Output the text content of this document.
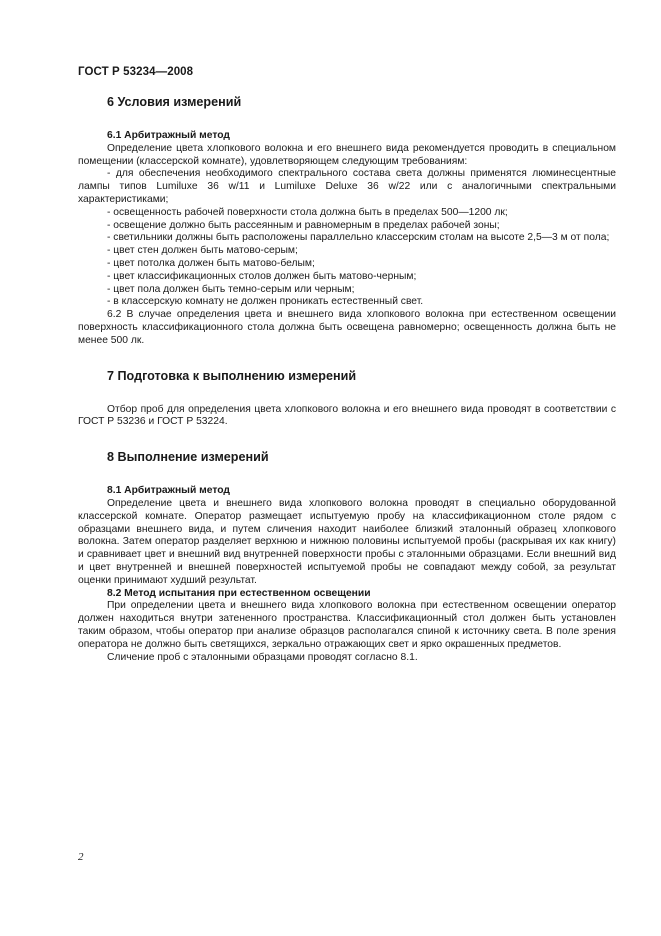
ГОСТ Р 53234—2008

6 Условия измерений

6.1 Арбитражный метод

Определение цвета хлопкового волокна и его внешнего вида рекомендуется проводить в специальном помещении (классерской комнате), удовлетворяющем следующим требованиям:

- для обеспечения необходимого спектрального состава света должны применятся люминесцентные лампы типов Lumiluxe 36 w/11 и Lumiluxe Deluxe 36 w/22 или с аналогичными спектральными характеристиками;

- освещенность рабочей поверхности стола должна быть в пределах 500—1200 лк;

- освещение должно быть рассеянным и равномерным в пределах рабочей зоны;

- светильники должны быть расположены параллельно классерским столам на высоте 2,5—3 м от пола;

- цвет стен должен быть матово-серым;

- цвет потолка должен быть матово-белым;

- цвет классификационных столов должен быть матово-черным;

- цвет пола должен быть темно-серым или черным;

- в классерскую комнату не должен проникать естественный свет.

6.2 В случае определения цвета и внешнего вида хлопкового волокна при естественном освещении поверхность классификационного стола должна быть освещена равномерно; освещенность должна быть не менее 500 лк.

7 Подготовка к выполнению измерений

Отбор проб для определения цвета хлопкового волокна и его внешнего вида проводят в соответствии с ГОСТ Р 53236 и ГОСТ Р 53224.

8 Выполнение измерений

8.1 Арбитражный метод

Определение цвета и внешнего вида хлопкового волокна проводят в специально оборудованной классерской комнате. Оператор размещает испытуемую пробу на классификационном столе рядом с образцами внешнего вида, и путем сличения находит наиболее близкий эталонный образец хлопкового волокна. Затем оператор разделяет верхнюю и нижнюю половины испытуемой пробы (раскрывая их как книгу) и сравнивает цвет и внешний вид внутренней поверхности пробы с эталонными образцами. Если внешний вид и цвет внутренней и внешней поверхностей испытуемой пробы не совпадают между собой, за результат оценки принимают худший результат.

8.2 Метод испытания при естественном освещении

При определении цвета и внешнего вида хлопкового волокна при естественном освещении оператор должен находиться внутри затененного пространства. Классификационный стол должен быть установлен таким образом, чтобы оператор при анализе образцов располагался спиной к источнику света. В поле зрения оператора не должно быть светящихся, зеркально отражающих свет и ярко окрашенных предметов.

Сличение проб с эталонными образцами проводят согласно 8.1.

2
